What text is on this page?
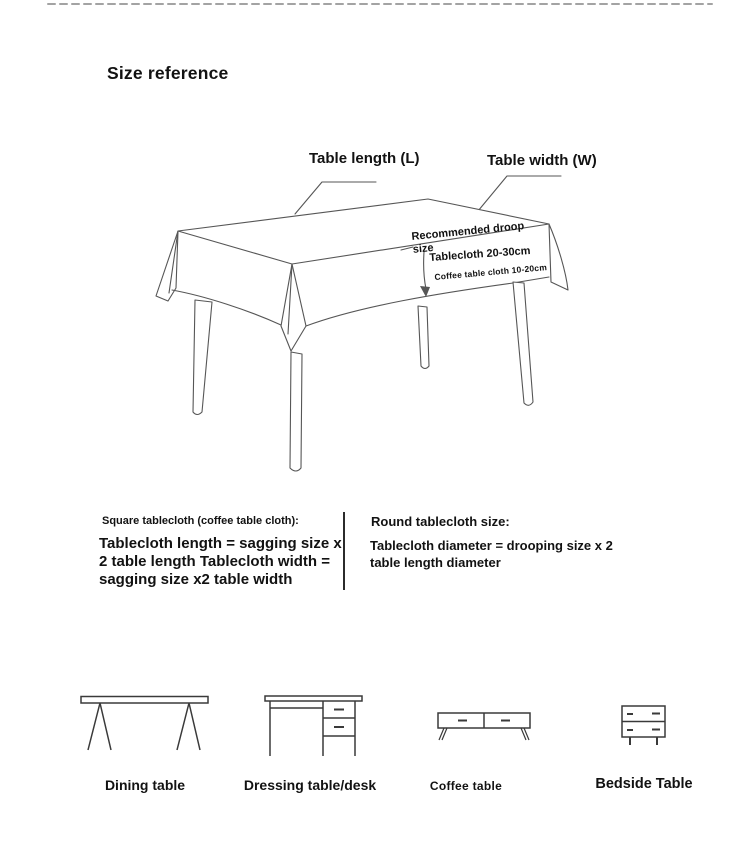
Size reference
Table length (L)	Table width (W)
Recommended droop size
Tablecloth 20-30cm
Coffee table cloth 10-20cm
Square tablecloth (coffee table cloth):
Tablecloth length = sagging size x
2 table length Tablecloth width =
sagging size x2 table width
Round tablecloth size:
Tablecloth diameter = drooping size x 2
table length diameter
Dining table	Dressing table/desk	Coffee table	Bedside Table
